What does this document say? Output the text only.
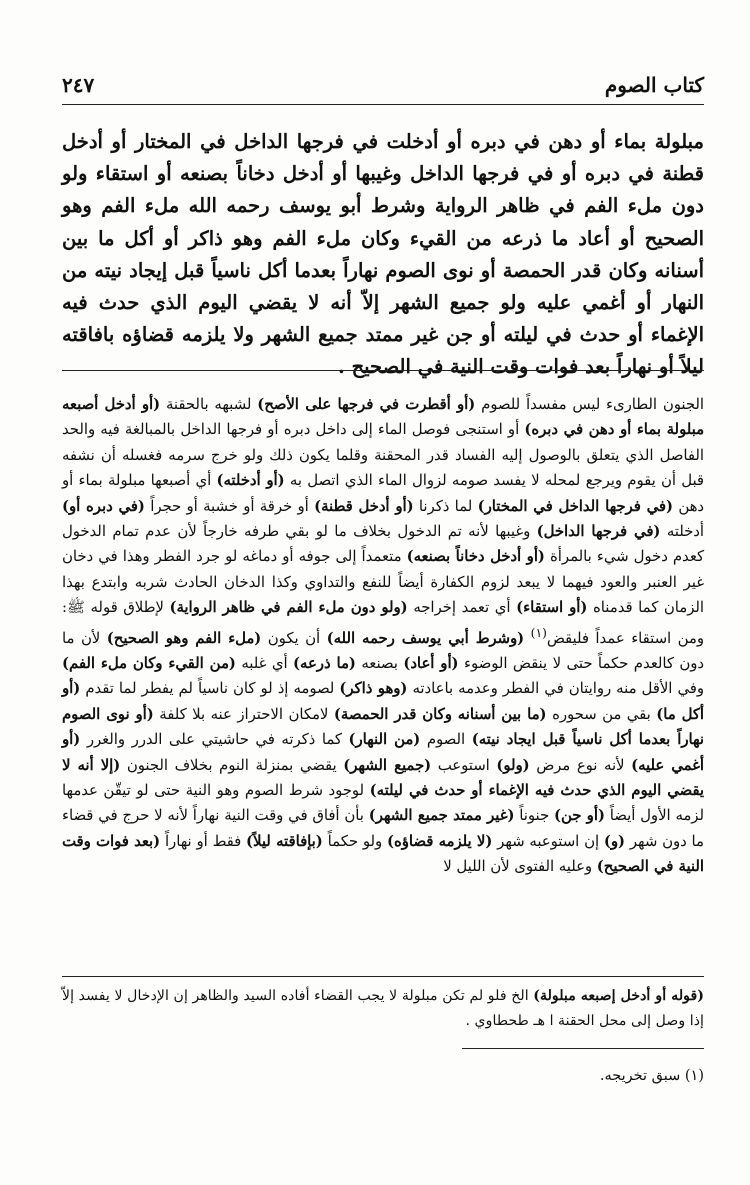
كتاب الصوم
٢٤٧

مبلولة بماء أو دهن في دبره أو أدخلت في فرجها الداخل في المختار أو أدخل قطنة في دبره أو في فرجها الداخل وغيبها أو أدخل دخاناً بصنعه أو استقاء ولو دون ملء الفم في ظاهر الرواية وشرط أبو يوسف رحمه الله ملء الفم وهو الصحيح أو أعاد ما ذرعه من القيء وكان ملء الفم وهو ذاكر أو أكل ما بين أسنانه وكان قدر الحمصة أو نوى الصوم نهاراً بعدما أكل ناسياً قبل إيجاد نيته من النهار أو أغمي عليه ولو جميع الشهر إلاّ أنه لا يقضي اليوم الذي حدث فيه الإغماء أو حدث في ليلته أو جن غير ممتد جميع الشهر ولا يلزمه قضاؤه بافاقته ليلاً أو نهاراً بعد فوات وقت النية في الصحيح .

الجنون الطارىء ليس مفسداً للصوم (أو أقطرت في فرجها على الأصح) لشبهه بالحقنة (أو أدخل أصبعه مبلولة بماء أو دهن في دبره) أو استنجى فوصل الماء إلى داخل دبره أو فرجها الداخل بالمبالغة فيه والحد الفاصل الذي يتعلق بالوصول إليه الفساد قدر المحقنة وقلما يكون ذلك ولو خرج سرمه فغسله أن نشفه قبل أن يقوم ويرجع لمحله لا يفسد صومه لزوال الماء الذي اتصل به (أو أدخلته) أي أصبعها مبلولة بماء أو دهن (في فرجها الداخل في المختار) لما ذكرنا (أو أدخل قطنة) أو خرقة أو خشبة أو حجراً (في دبره أو) أدخلته (في فرجها الداخل) وغيبها لأنه تم الدخول بخلاف ما لو بقي طرفه خارجاً لأن عدم تمام الدخول كعدم دخول شيء بالمرأة (أو أدخل دخاناً بصنعه) متعمداً إلى جوفه أو دماغه لو جرد الفطر وهذا في دخان غير العنبر والعود فيهما لا يبعد لزوم الكفارة أيضاً للنفع والتداوي وكذا الدخان الحادث شربه وابتدع بهذا الزمان كما قدمناه (أو استقاء) أي تعمد إخراجه (ولو دون ملء الفم في ظاهر الرواية) لإطلاق قوله ﷺ: ومن استقاء عمداً فليقض$^{(١)}$ (وشرط أبي يوسف رحمه الله) أن يكون (ملء الفم وهو الصحيح) لأن ما دون كالعدم حكماً حتى لا ينقض الوضوء (أو أعاد) بصنعه (ما ذرعه) أي غلبه (من القيء وكان ملء الفم) وفي الأقل منه روايتان في الفطر وعدمه باعادته (وهو ذاكر) لصومه إذ لو كان ناسياً لم يفطر لما تقدم (أو أكل ما) بقي من سحوره (ما بين أسنانه وكان قدر الحمصة) لامكان الاحتراز عنه بلا كلفة (أو نوى الصوم نهاراً بعدما أكل ناسياً قبل ايجاد نيته) الصوم (من النهار) كما ذكرته في حاشيتي على الدرر والغرر (أو أغمي عليه) لأنه نوع مرض (ولو) استوعب (جميع الشهر) يقضي بمنزلة النوم بخلاف الجنون (إلا أنه لا يقضي اليوم الذي حدث فيه الإغماء أو حدث في ليلته) لوجود شرط الصوم وهو النية حتى لو تيقّن عدمها لزمه الأول أيضاً (أو جن) جنوناً (غير ممتد جميع الشهر) بأن أفاق في وقت النية نهاراً لأنه لا حرج في قضاء ما دون شهر (و) إن استوعبه شهر (لا يلزمه قضاؤه) ولو حكماً (بإفاقته ليلاً) فقط أو نهاراً (بعد فوات وقت النية في الصحيح) وعليه الفتوى لأن الليل لا

(قوله أو أدخل إصبعه مبلولة) الخ فلو لم تكن مبلولة لا يجب القضاء أفاده السيد والظاهر إن الإدخال لا يفسد إلاّ إذا وصل إلى محل الحقنة ا هـ طحطاوي .

(١) سبق تخريجه.
